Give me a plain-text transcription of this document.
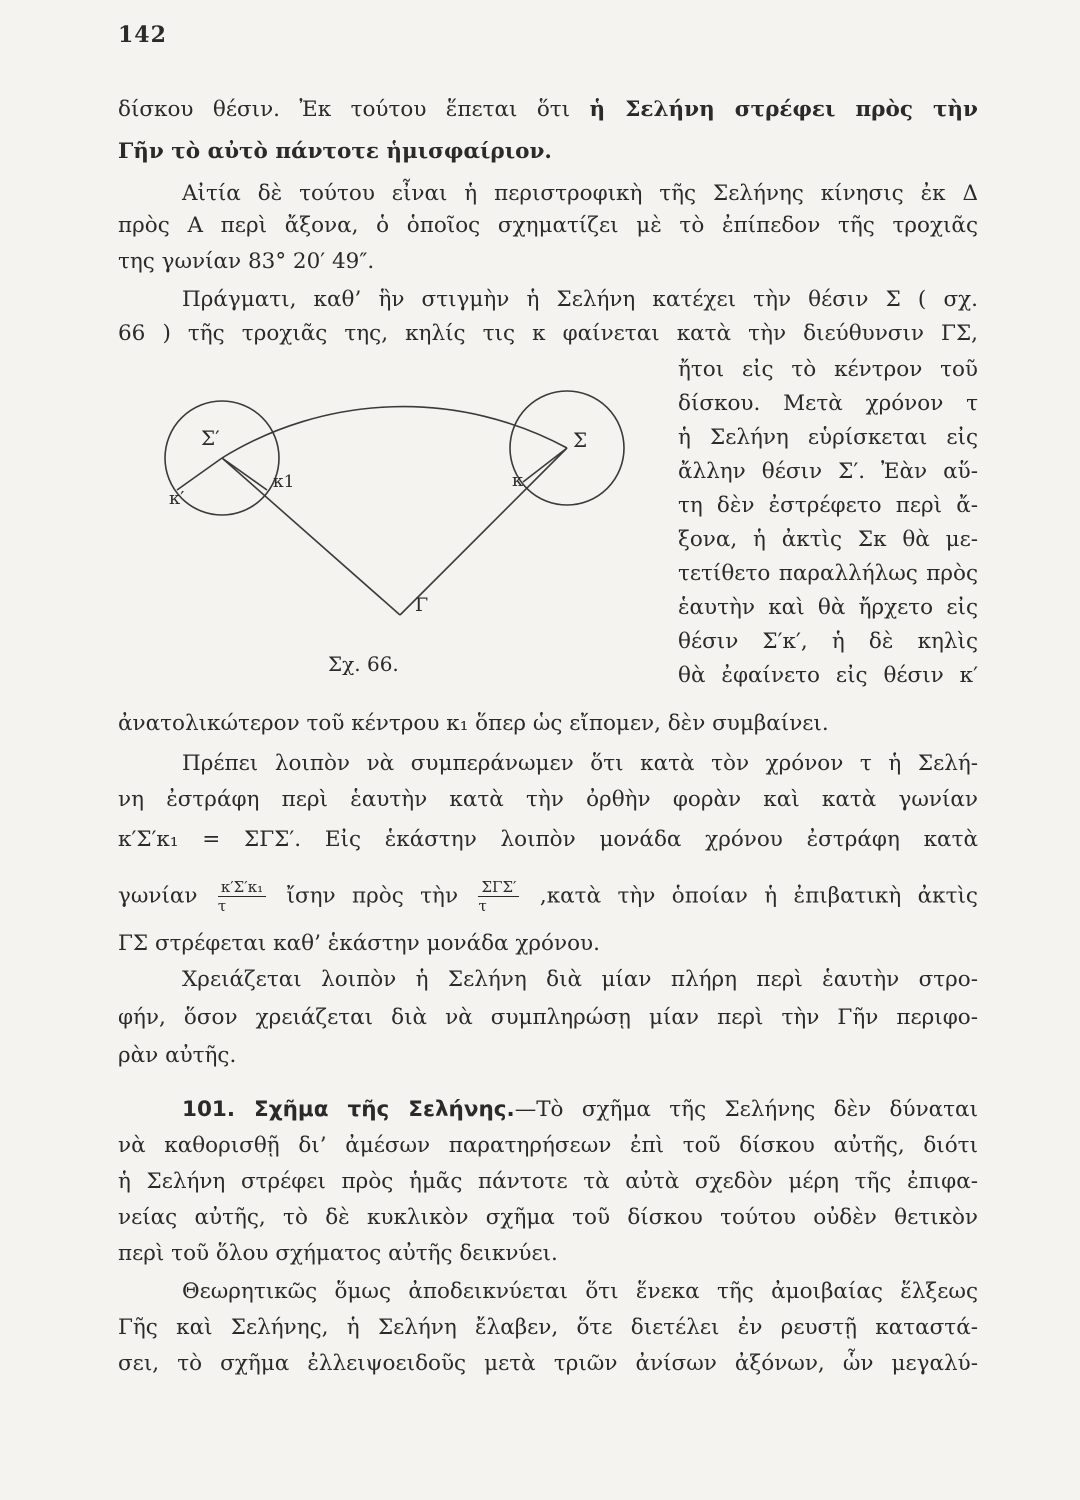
142
δίσκου θέσιν. Ἐκ τούτου ἕπεται ὅτι ἡ Σελήνη στρέφει πρὸς τὴν
Γῆν τὸ αὐτὸ πάντοτε ἡμισφαίριον.
Αἰτία δὲ τούτου εἶναι ἡ περιστροφικὴ τῆς Σελήνης κίνησις ἐκ Δ
πρὸς Α περὶ ἄξονα, ὁ ὁποῖος σχηματίζει μὲ τὸ ἐπίπεδον τῆς τροχιᾶς
της γωνίαν 83° 20′ 49″.
Πράγματι, καθ’ ἣν στιγμὴν ἡ Σελήνη κατέχει τὴν θέσιν Σ ( σχ.
66 ) τῆς τροχιᾶς της, κηλίς τις κ φαίνεται κατὰ τὴν διεύθυνσιν ΓΣ,
ἤτοι εἰς τὸ κέντρον τοῦ
δίσκου. Μετὰ χρόνον τ
ἡ Σελήνη εὑρίσκεται εἰς
ἄλλην θέσιν Σ′. Ἐὰν αὕ-
τη δὲν ἐστρέφετο περὶ ἄ-
ξονα, ἡ ἀκτὶς Σκ θὰ με-
τετίθετο παραλλήλως πρὸς
ἑαυτὴν καὶ θὰ ἤρχετο εἰς
θέσιν Σ′κ′, ἡ δὲ κηλὶς
θὰ ἐφαίνετο εἰς θέσιν κ′
Σ′	Σ
κ1	κ
κ′
Γ
Σχ. 66.
ἀνατολικώτερον τοῦ κέντρου κ₁ ὅπερ ὡς εἴπομεν, δὲν συμβαίνει.
Πρέπει λοιπὸν νὰ συμπεράνωμεν ὅτι κατὰ τὸν χρόνον τ ἡ Σελή-
νη ἐστράφη περὶ ἑαυτὴν κατὰ τὴν ὀρθὴν φορὰν καὶ κατὰ γωνίαν
κ′Σ′κ₁ = ΣΓΣ′. Εἰς ἑκάστην λοιπὸν μονάδα χρόνου ἐστράφη κατὰ
γωνίαν $\frac{\text{κ′Σ′κ₁}}{\tau}$ ἴσην πρὸς τὴν $\frac{\text{ΣΓΣ′}}{\tau}$ ,κατὰ τὴν ὁποίαν ἡ ἐπιβατικὴ ἀκτὶς
ΓΣ στρέφεται καθ’ ἑκάστην μονάδα χρόνου.
Χρειάζεται λοιπὸν ἡ Σελήνη διὰ μίαν πλήρη περὶ ἑαυτὴν στρο-
φήν, ὅσον χρειάζεται διὰ νὰ συμπληρώσῃ μίαν περὶ τὴν Γῆν περιφο-
ρὰν αὐτῆς.
101. Σχῆμα τῆς Σελήνης.—Τὸ σχῆμα τῆς Σελήνης δὲν δύναται
νὰ καθορισθῇ δι’ ἀμέσων παρατηρήσεων ἐπὶ τοῦ δίσκου αὐτῆς, διότι
ἡ Σελήνη στρέφει πρὸς ἡμᾶς πάντοτε τὰ αὐτὰ σχεδὸν μέρη τῆς ἐπιφα-
νείας αὐτῆς, τὸ δὲ κυκλικὸν σχῆμα τοῦ δίσκου τούτου οὐδὲν θετικὸν
περὶ τοῦ ὅλου σχήματος αὐτῆς δεικνύει.
Θεωρητικῶς ὅμως ἀποδεικνύεται ὅτι ἕνεκα τῆς ἀμοιβαίας ἕλξεως
Γῆς καὶ Σελήνης, ἡ Σελήνη ἔλαβεν, ὅτε διετέλει ἐν ρευστῇ καταστά-
σει, τὸ σχῆμα ἐλλειψοειδοῦς μετὰ τριῶν ἀνίσων ἀξόνων, ὧν μεγαλύ-
